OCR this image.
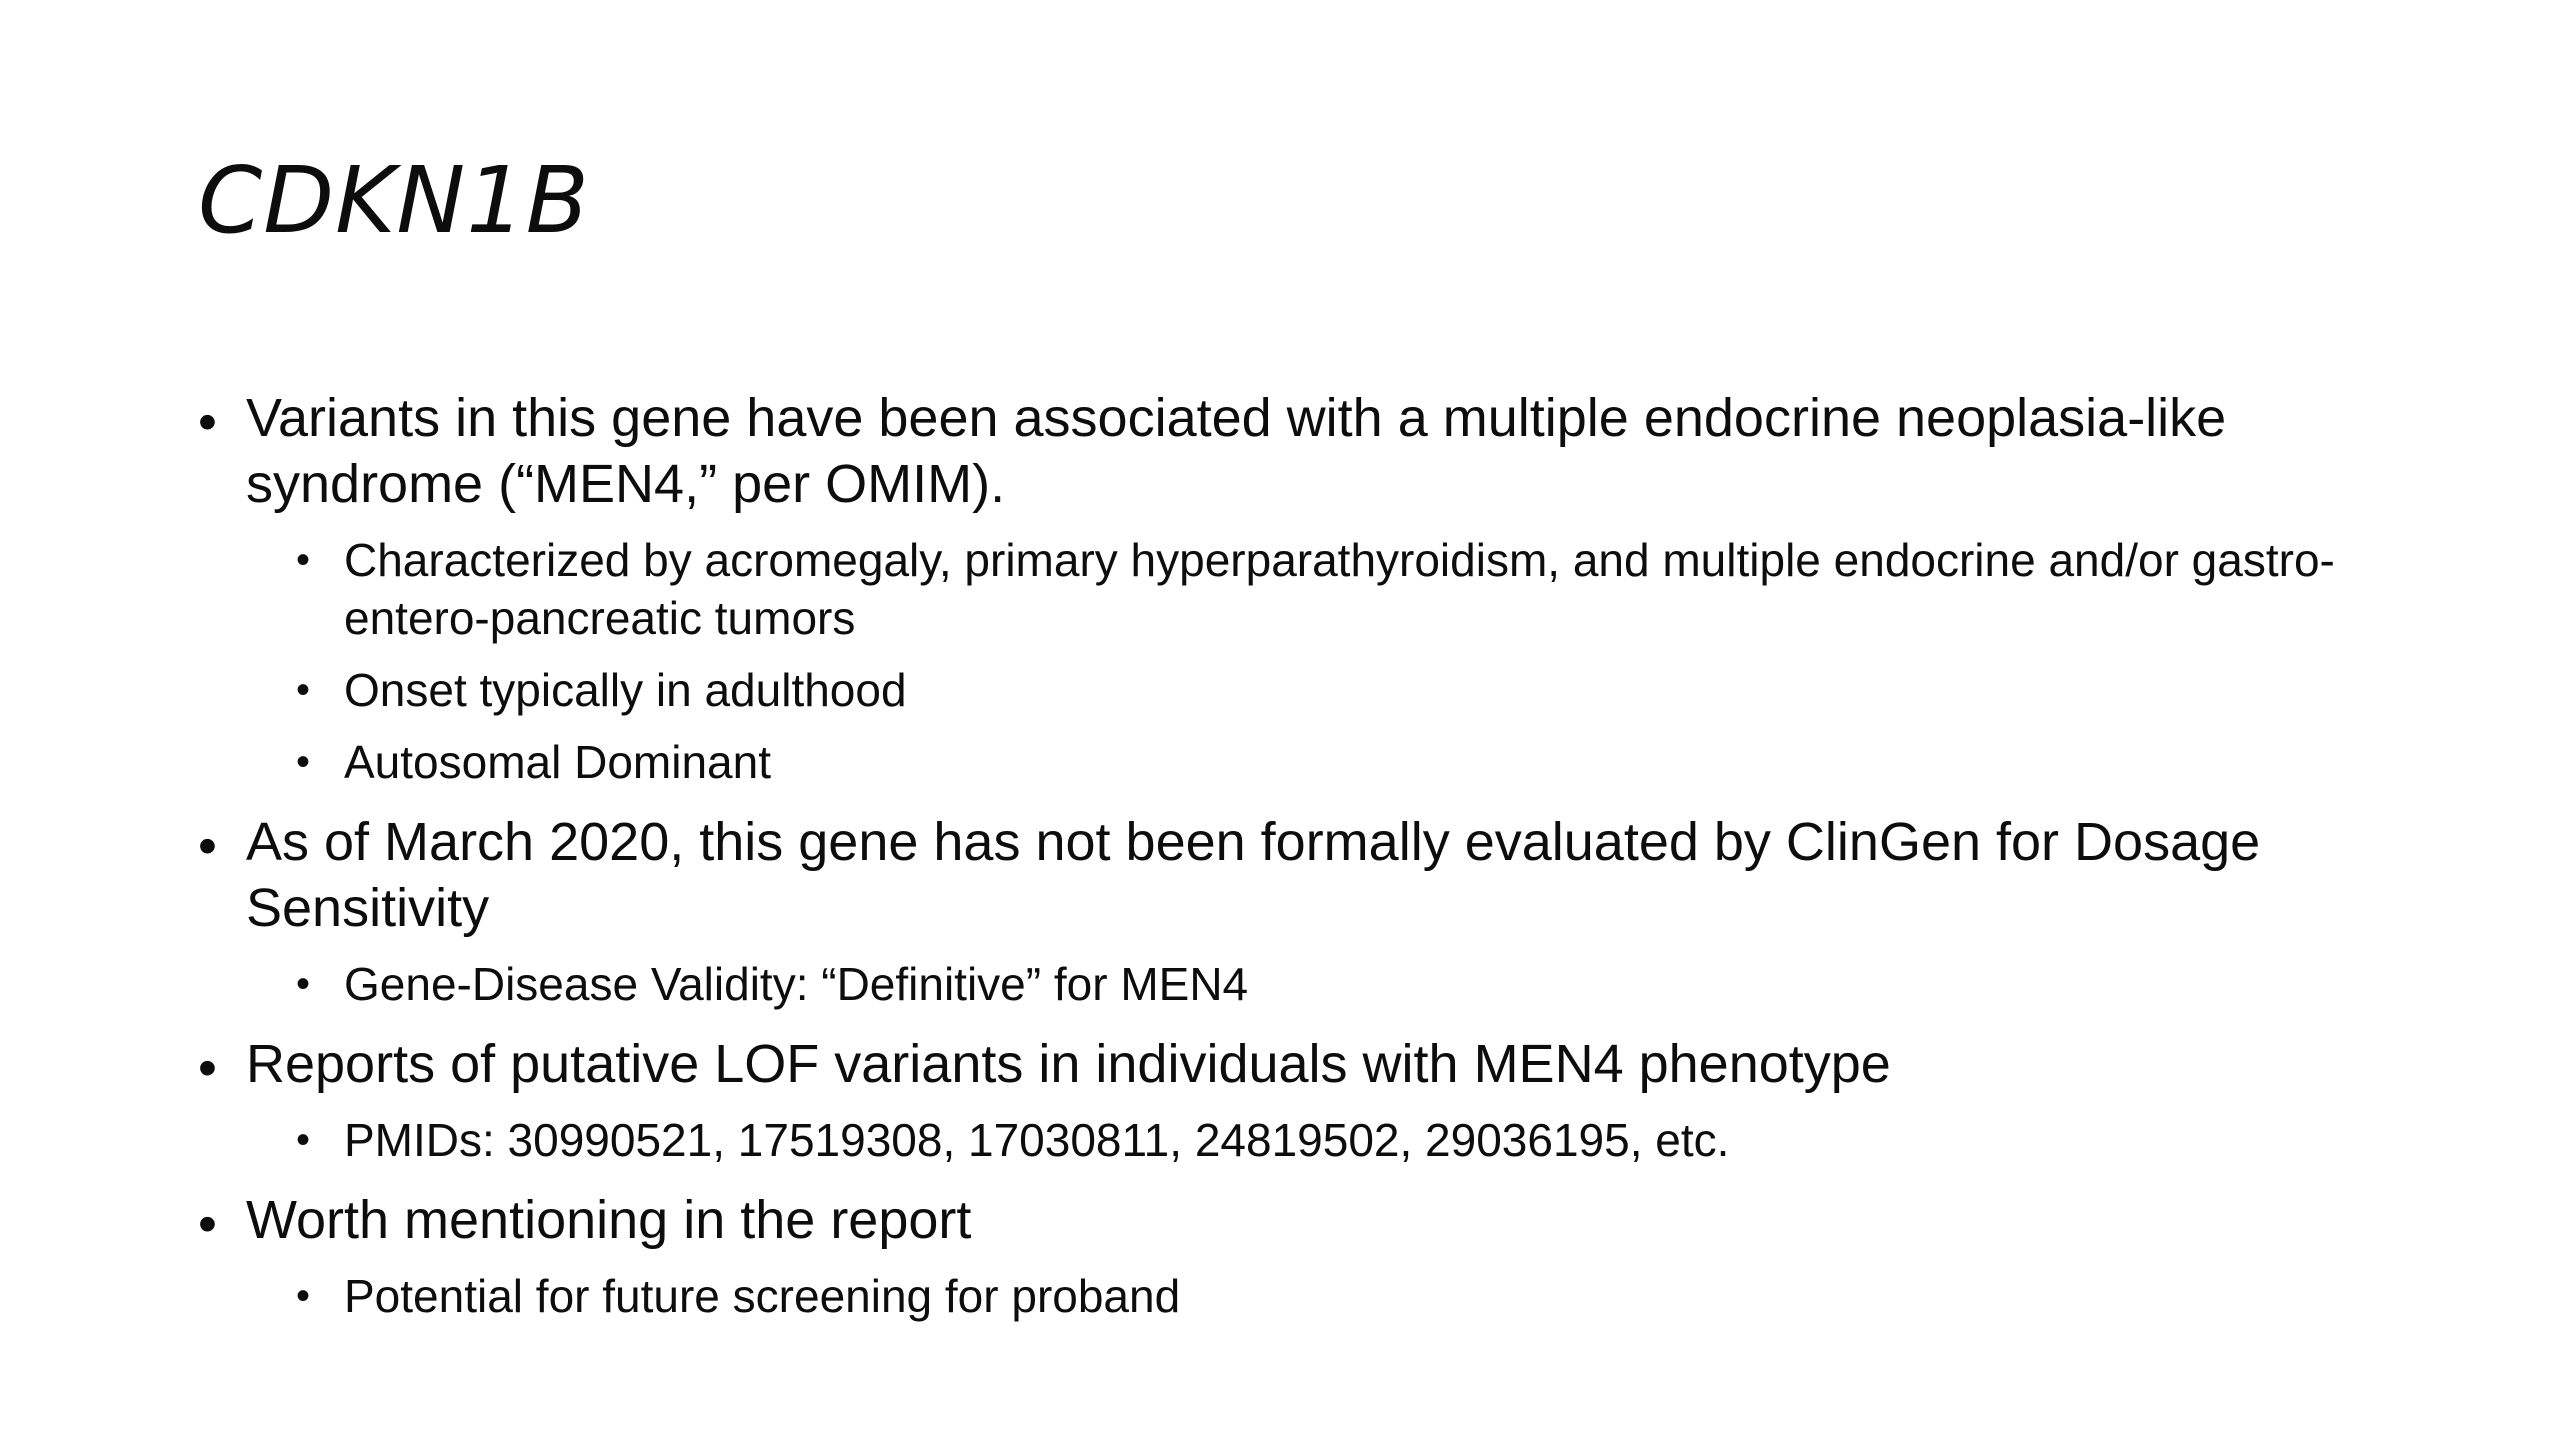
CDKN1B
• Variants in this gene have been associated with a multiple endocrine neoplasia-like syndrome (“MEN4,” per OMIM).
• Characterized by acromegaly, primary hyperparathyroidism, and multiple endocrine and/or gastro-entero-pancreatic tumors
• Onset typically in adulthood
• Autosomal Dominant
• As of March 2020, this gene has not been formally evaluated by ClinGen for Dosage Sensitivity
• Gene-Disease Validity: “Definitive” for MEN4
• Reports of putative LOF variants in individuals with MEN4 phenotype
• PMIDs: 30990521, 17519308, 17030811, 24819502, 29036195, etc.
• Worth mentioning in the report
• Potential for future screening for proband
